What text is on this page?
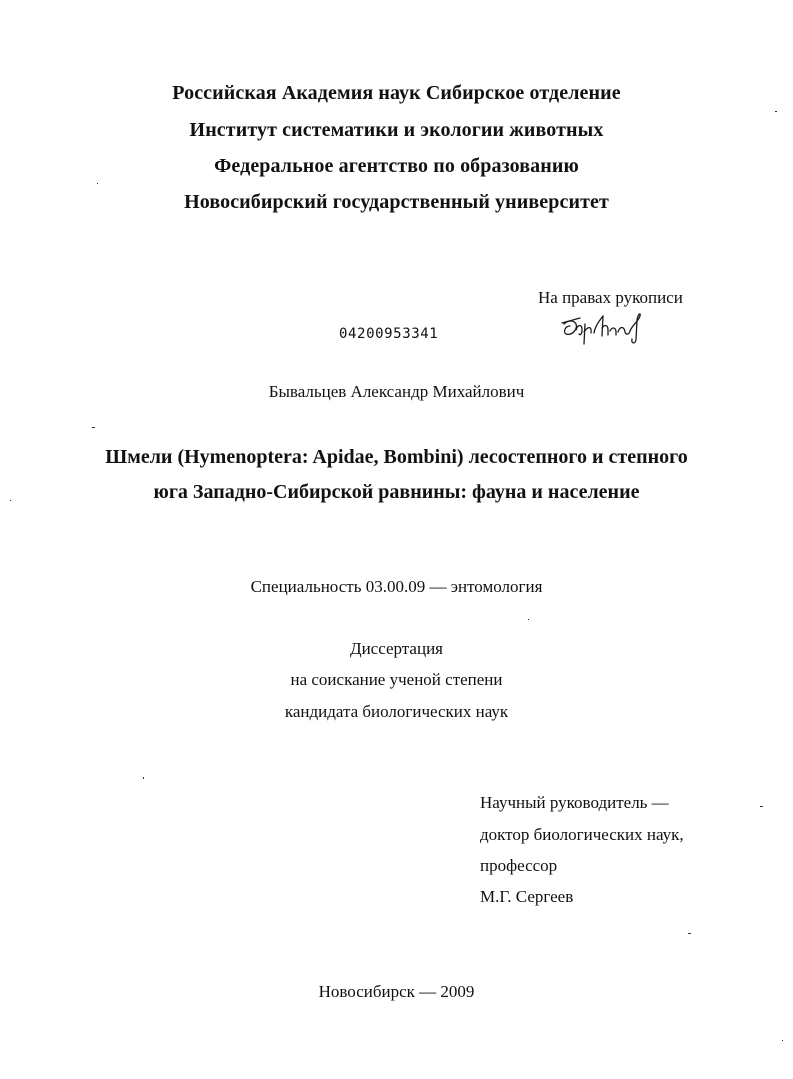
Российская Академия наук Сибирское отделение
Институт систематики и экологии животных
Федеральное агентство по образованию
Новосибирский государственный университет
На правах рукописи
04200953341
Бывальцев Александр Михайлович
Шмели (Hymenoptera: Apidae, Bombini) лесостепного и степного
юга Западно-Сибирской равнины: фауна и население
Специальность 03.00.09 — энтомология
Диссертация
на соискание ученой степени
кандидата биологических наук
Научный руководитель —
доктор биологических наук,
профессор
М.Г. Сергеев
Новосибирск — 2009
